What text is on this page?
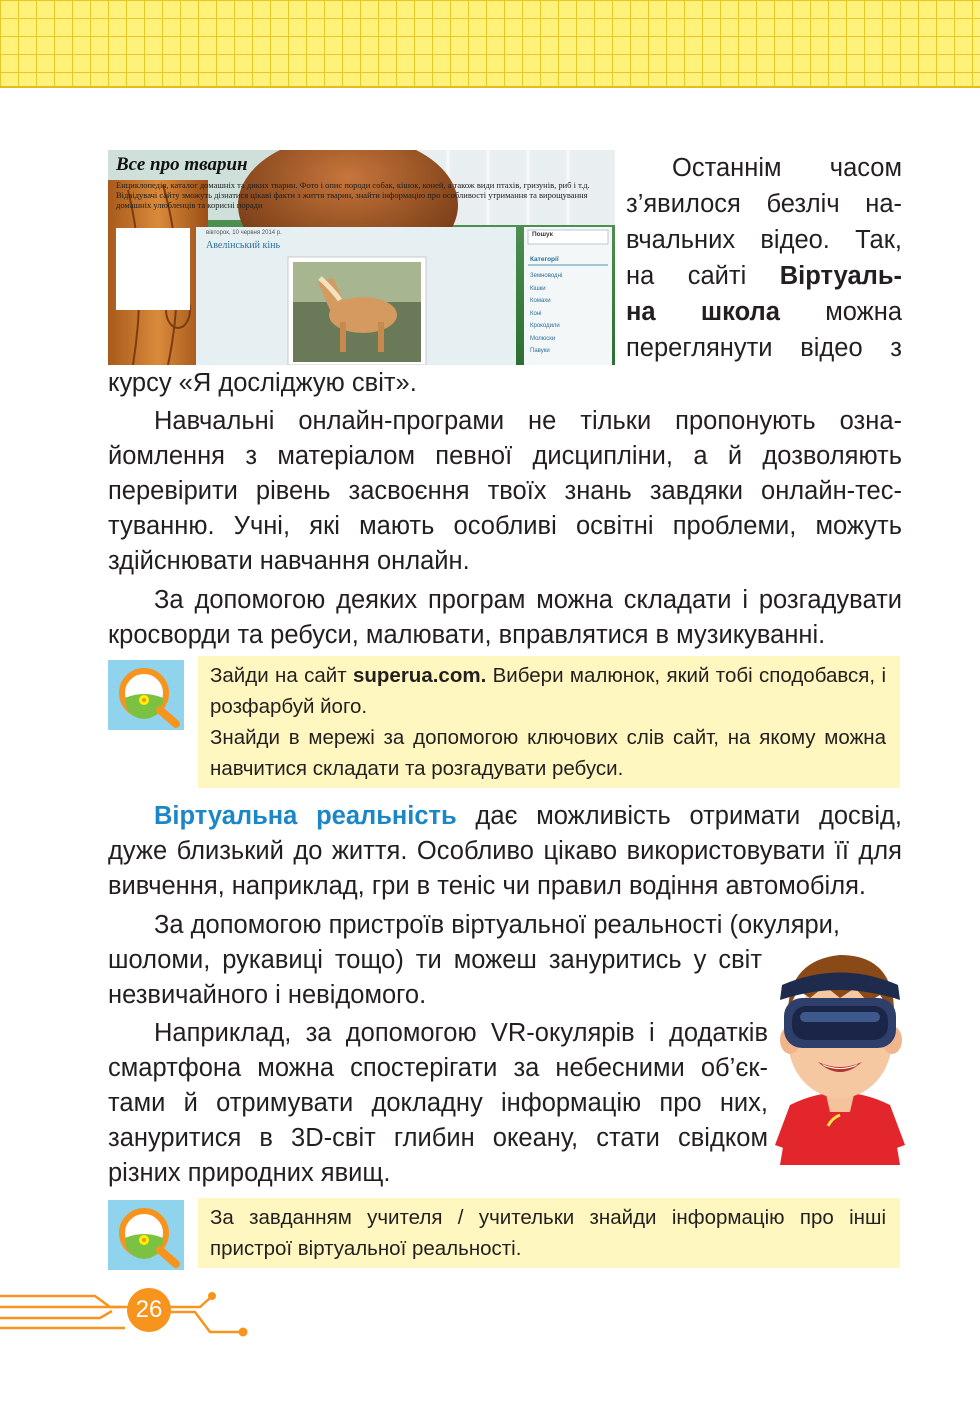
Все про тварин
Енциклопедія, каталог домашніх та диких тварин. Фото і опис породи собак, кішок, коней, а також види птахів, гризунів, риб і т.д. Відвідувачі сайту зможуть дізнатися цікаві факти з життя тварин, знайти інформацію про особливості утримання та вирощування домашніх улюбленців та корисні поради
вівторок, 10 червня 2014 р.
Авелінський кінь
Пошук
Категорії
Земноводні
Кішки
Комахи
Коні
Крокодили
Молюски
Павуки
Останнім часом
з’явилося безліч на-
вчальних відео. Так,
на сайті Віртуаль-
на школа можна
переглянути відео з

курсу «Я досліджую світ».

Навчальні онлайн-програми не тільки пропонують ознайомлення з матеріалом певної дисципліни, а й дозволяють перевірити рівень засвоєння твоїх знань завдяки онлайн-тестуванню. Учні, які мають особливі освітні проблеми, можуть здійснювати навчання онлайн.

За допомогою деяких програм можна складати і розгадувати кросворди та ребуси, малювати, вправлятися в музикуванні.

Зайди на сайт superua.com. Вибери малюнок, який тобі сподобався, і розфарбуй його.

Знайди в мережі за допомогою ключових слів сайт, на якому можна навчитися складати та розгадувати ребуси.

Віртуальна реальність дає можливість отримати досвід, дуже близький до життя. Особливо цікаво використовувати її для вивчення, наприклад, гри в теніс чи правил водіння автомобіля.

За допомогою пристроїв віртуальної реальності (окуляри,

шоломи, рукавиці тощо) ти можеш зануритись у світ незвичайного і невідомого.

Наприклад, за допомогою VR-окулярів і додатків смартфона можна спостерігати за небесними об’єктами й отримувати докладну інформацію про них, зануритися в 3D-світ глибин океану, стати свідком різних природних явищ.

За завданням учителя / учительки знайди інформацію про інші пристрої віртуальної реальності.

26
